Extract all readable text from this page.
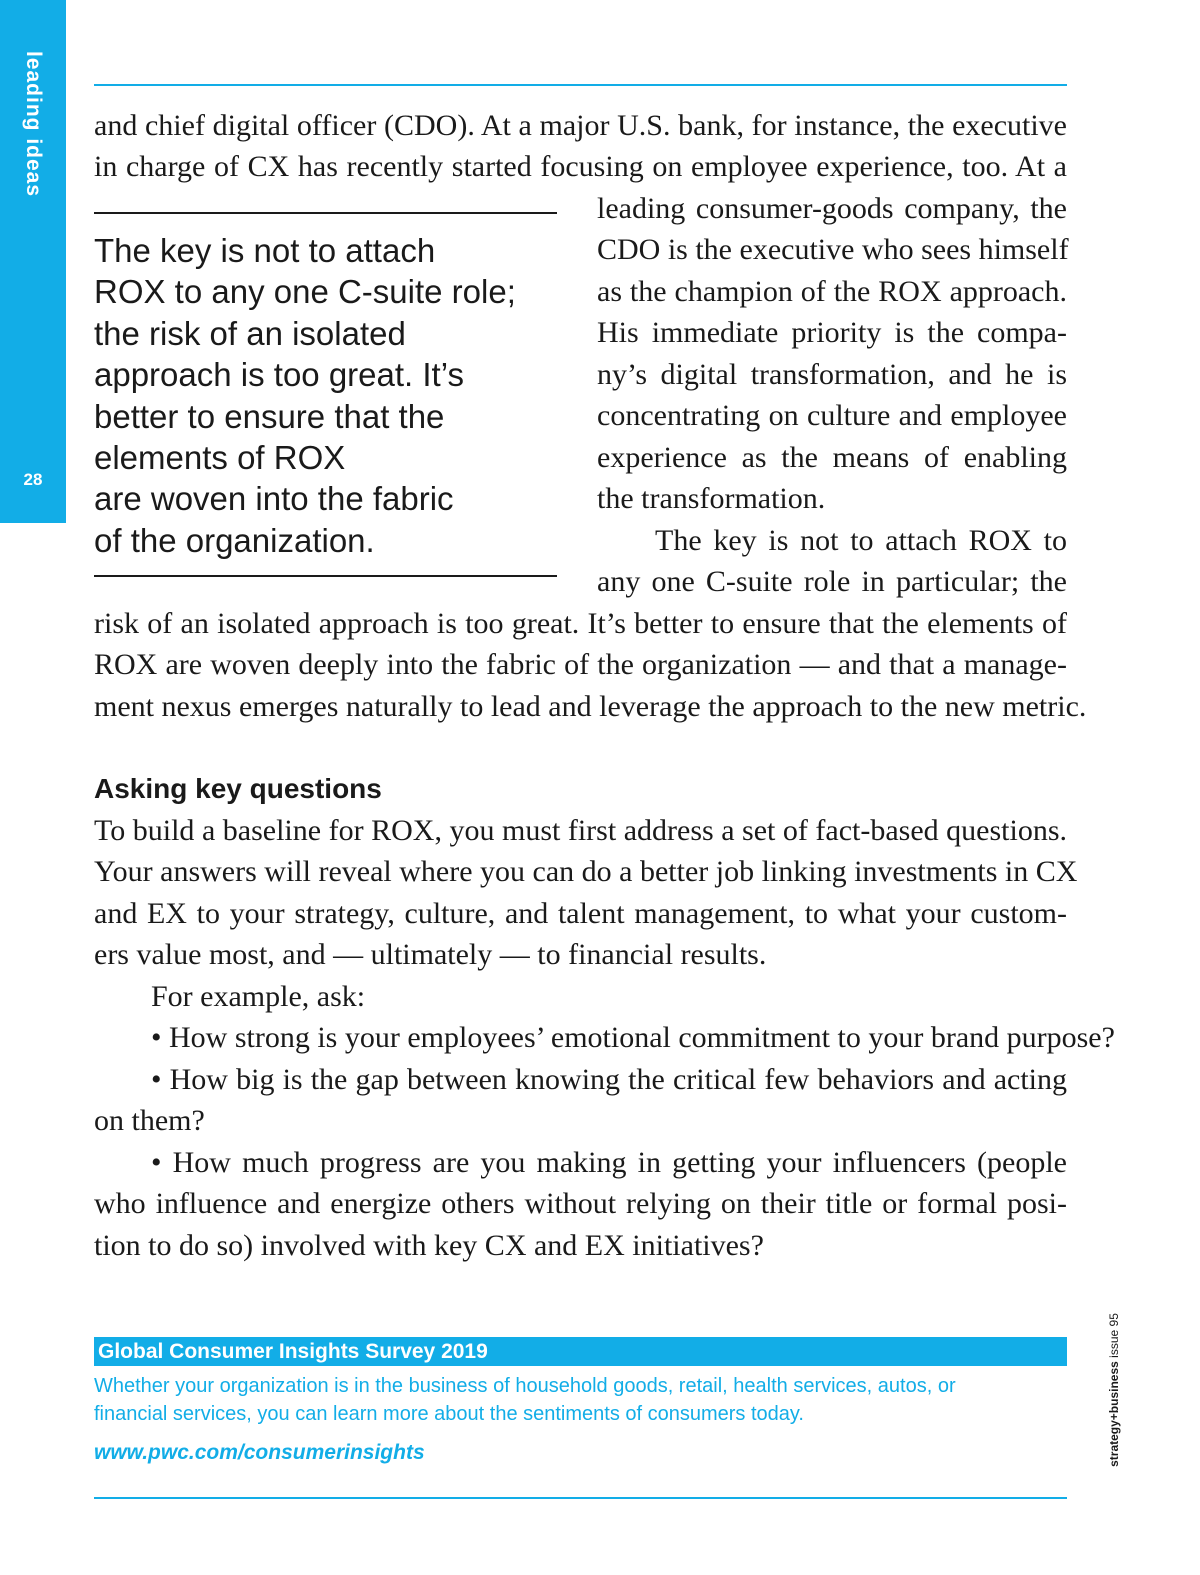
leading ideas
28
and chief digital officer (CDO). At a major U.S. bank, for instance, the executive
in charge of CX has recently started focusing on employee experience, too. At a
leading consumer-goods company, the
CDO is the executive who sees himself
as the champion of the ROX approach.
His immediate priority is the compa-
ny’s digital transformation, and he is
concentrating on culture and employee
experience as the means of enabling
the transformation.
The key is not to attach ROX to
any one C-suite role in particular; the
risk of an isolated approach is too great. It’s better to ensure that the elements of
ROX are woven deeply into the fabric of the organization — and that a manage-
ment nexus emerges naturally to lead and leverage the approach to the new metric.
The key is not to attach
ROX to any one C-suite role;
the risk of an isolated
approach is too great. It’s
better to ensure that the
elements of ROX
are woven into the fabric
of the organization.
Asking key questions
To build a baseline for ROX, you must first address a set of fact-based questions.
Your answers will reveal where you can do a better job linking investments in CX
and EX to your strategy, culture, and talent management, to what your custom-
ers value most, and — ultimately — to financial results.
For example, ask:
• How strong is your employees’ emotional commitment to your brand purpose?
• How big is the gap between knowing the critical few behaviors and acting
on them?
• How much progress are you making in getting your influencers (people
who influence and energize others without relying on their title or formal posi-
tion to do so) involved with key CX and EX initiatives?
Global Consumer Insights Survey 2019
Whether your organization is in the business of household goods, retail, health services, autos, or
financial services, you can learn more about the sentiments of consumers today.
www.pwc.com/consumerinsights	strategy+business issue 95
